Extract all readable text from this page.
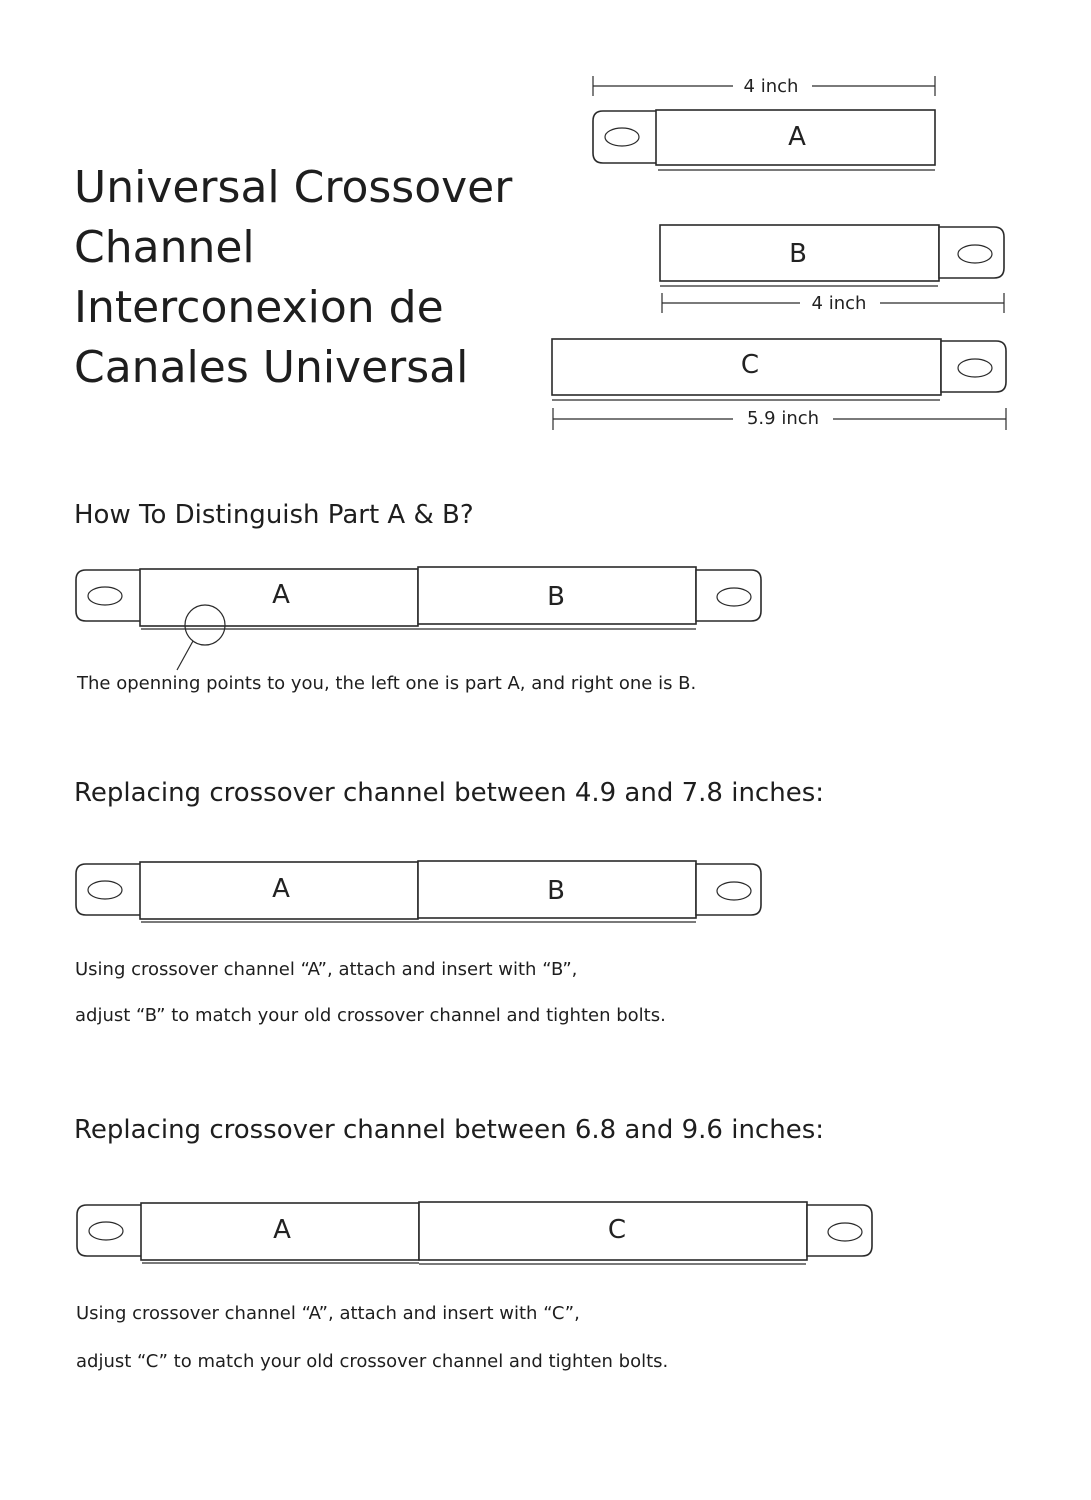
Universal Crossover

Channel

Interconexion de

Canales Universal

4 inch
A
B
4 inch
C
5.9 inch
A	B
A	B
A	C

How To Distinguish Part A & B?

The openning points to you, the left one is part A, and right one is B.

Replacing crossover channel between 4.9 and 7.8 inches:

Using crossover channel “A”, attach and insert with “B”,

adjust “B” to match your old crossover channel and tighten bolts.

Replacing crossover channel between 6.8 and 9.6 inches:

Using crossover channel “A”, attach and insert with “C”,

adjust “C” to match your old crossover channel and tighten bolts.
